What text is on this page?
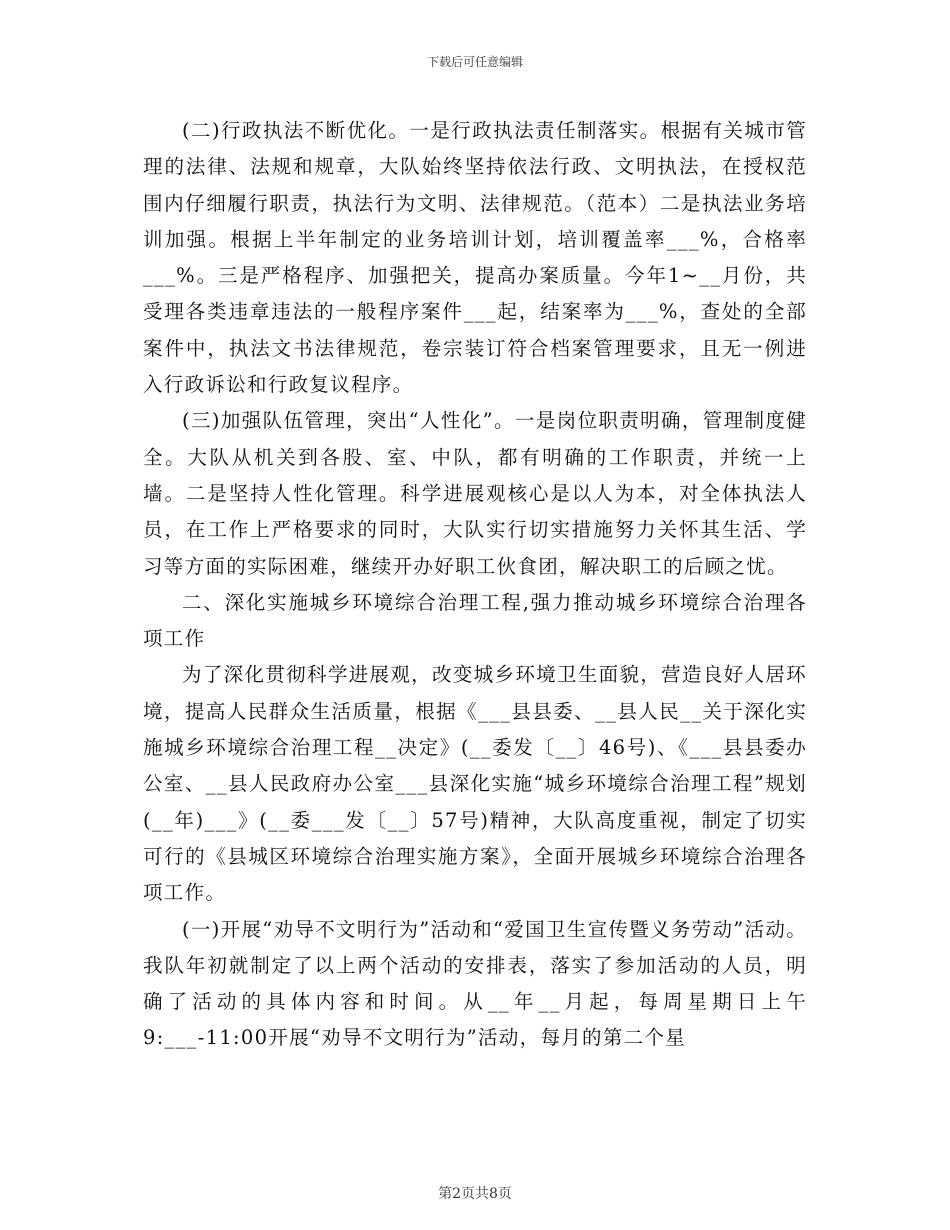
下载后可任意编辑

(二)行政执法不断优化。一是行政执法责任制落实。根据有关城市管理的法律、法规和规章，大队始终坚持依法行政、文明执法，在授权范围内仔细履行职责，执法行为文明、法律规范。（范本）二是执法业务培训加强。根据上半年制定的业务培训计划，培训覆盖率___%，合格率___%。三是严格程序、加强把关，提高办案质量。今年1~__月份，共受理各类违章违法的一般程序案件___起，结案率为___%，查处的全部案件中，执法文书法律规范，卷宗装订符合档案管理要求，且无一例进入行政诉讼和行政复议程序。

(三)加强队伍管理，突出“人性化”。一是岗位职责明确，管理制度健全。大队从机关到各股、室、中队，都有明确的工作职责，并统一上墙。二是坚持人性化管理。科学进展观核心是以人为本，对全体执法人员，在工作上严格要求的同时，大队实行切实措施努力关怀其生活、学习等方面的实际困难，继续开办好职工伙食团，解决职工的后顾之忧。

二、深化实施城乡环境综合治理工程,强力推动城乡环境综合治理各项工作

为了深化贯彻科学进展观，改变城乡环境卫生面貌，营造良好人居环境，提高人民群众生活质量，根据《___县县委、__县人民__关于深化实施城乡环境综合治理工程__决定》(__委发〔__〕46号)、《___县县委办公室、__县人民政府办公室___县深化实施“城乡环境综合治理工程”规划(__年)___》(__委___发〔__〕57号)精神，大队高度重视，制定了切实可行的《县城区环境综合治理实施方案》，全面开展城乡环境综合治理各项工作。

(一)开展“劝导不文明行为”活动和“爱国卫生宣传暨义务劳动”活动。我队年初就制定了以上两个活动的安排表，落实了参加活动的人员，明确了活动的具体内容和时间。从__年__月起，每周星期日上午9:___-11:00开展“劝导不文明行为”活动，每月的第二个星

第2页共8页
